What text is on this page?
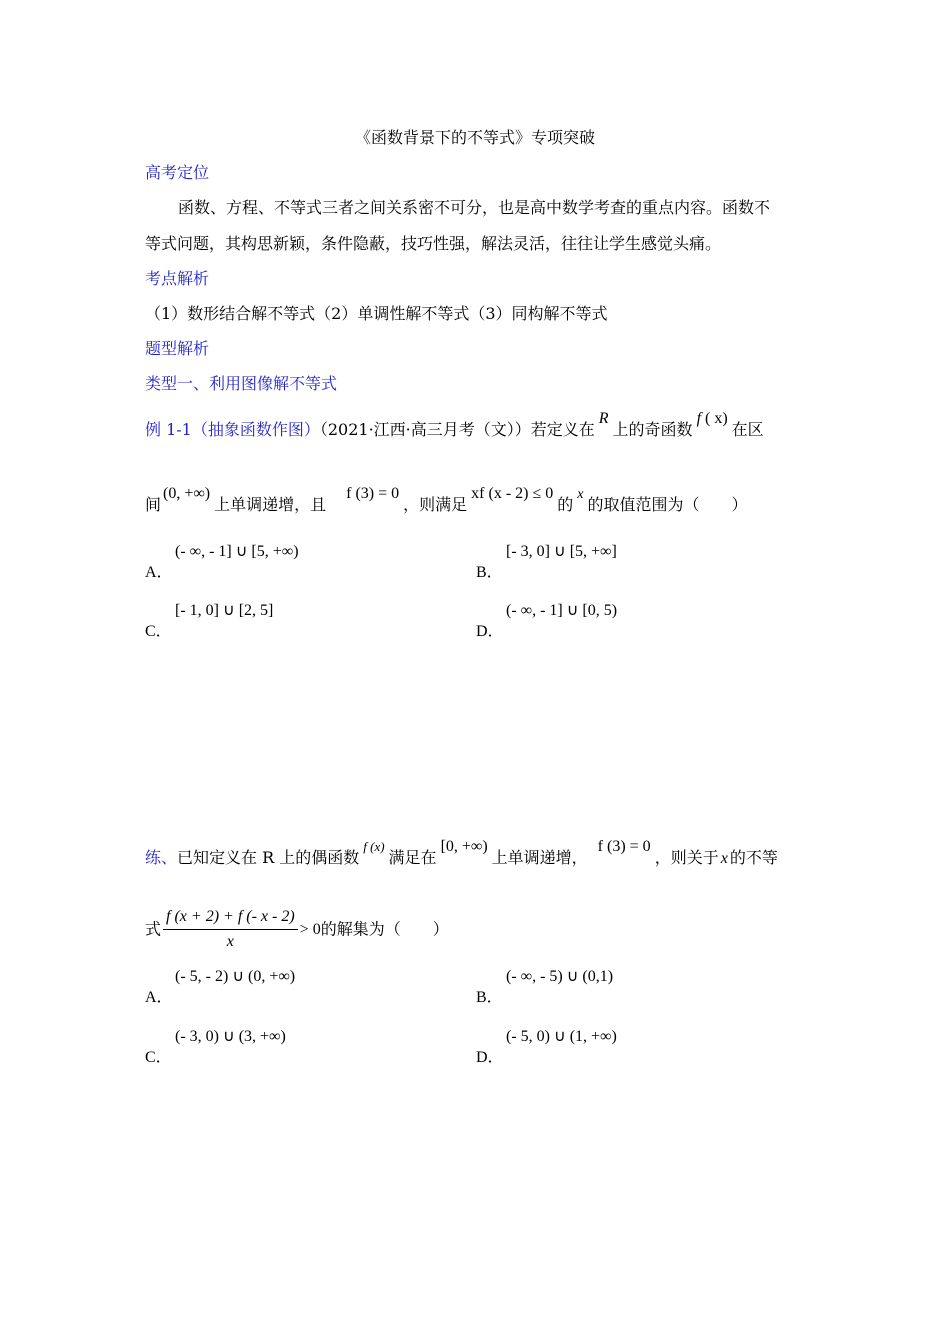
《函数背景下的不等式》专项突破
高考定位
函数、方程、不等式三者之间关系密不可分，也是高中数学考查的重点内容。函数不
等式问题，其构思新颖，条件隐蔽，技巧性强，解法灵活，往往让学生感觉头痛。
考点解析
（1）数形结合解不等式（2）单调性解不等式（3）同构解不等式
题型解析
类型一、利用图像解不等式
例 1-1（抽象函数作图）（2021·江西·高三月考（文））若定义在R上的奇函数f ( x)在区
间(0, +∞)上单调递增，且f (3) = 0，则满足xf (x - 2) ≤ 0的x的取值范围为（　　）
A．
(- ∞, - 1] ∪ [5, +∞)
B．
[- 3, 0] ∪ [5, +∞]
C．
[- 1, 0] ∪ [2, 5]
D．
(- ∞, - 1] ∪ [0, 5)
练、已知定义在 R 上的偶函数$^{f (x)}$满足在[0, +∞)上单调递增，f (3) = 0，则关于 x 的不等
式 $\frac{f (x + 2) + f (- x - 2)}{x} > 0$的解集为（　　）
A．
(- 5, - 2) ∪ (0, +∞)
B．
(- ∞, - 5) ∪ (0,1)
C．
(- 3, 0) ∪ (3, +∞)
D．
(- 5, 0) ∪ (1, +∞)
